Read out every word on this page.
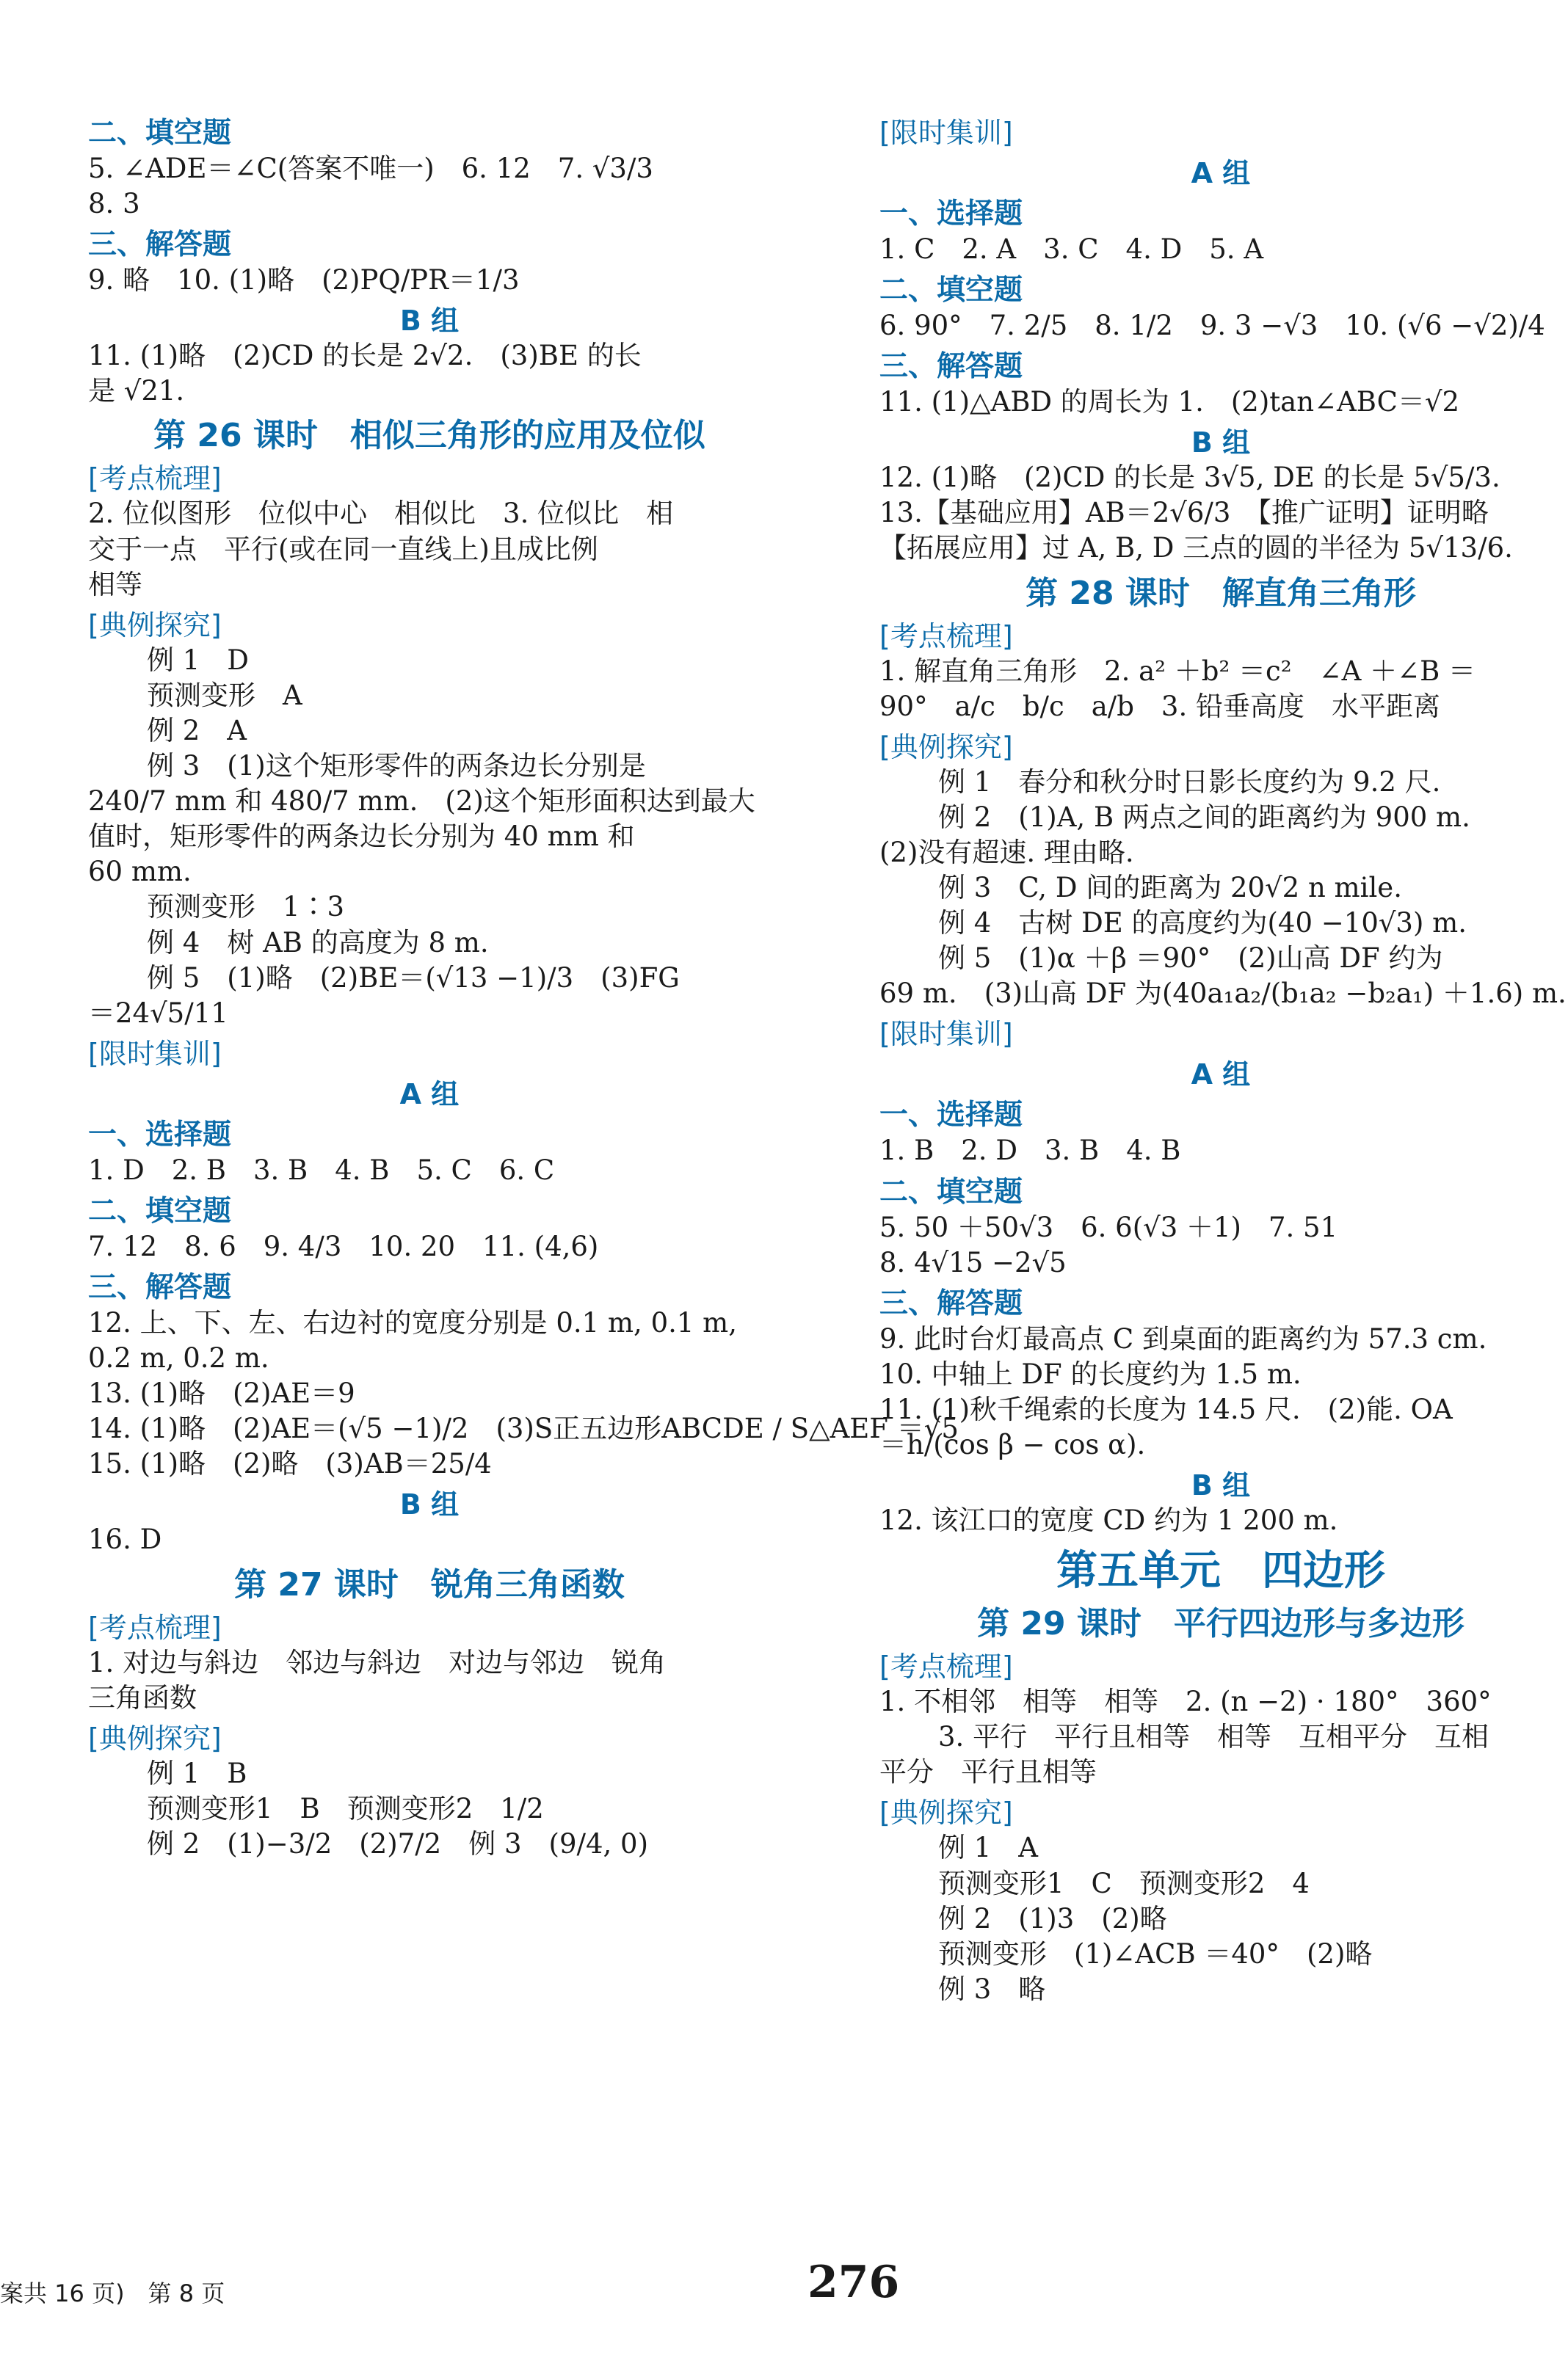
二、填空题
5. ∠ADE＝∠C(答案不唯一)　6. 12　7. √3/3
8. 3
三、解答题
9. 略　10. (1)略　(2)PQ/PR＝1/3
B 组
11. (1)略　(2)CD 的长是 2√2.　(3)BE 的长
是 √21.
第 26 课时　相似三角形的应用及位似
[考点梳理]
2. 位似图形　位似中心　相似比　3. 位似比　相
交于一点　平行(或在同一直线上)且成比例
相等
[典例探究]
例 1　D
预测变形　A
例 2　A
例 3　(1)这个矩形零件的两条边长分别是
240/7 mm 和 480/7 mm.　(2)这个矩形面积达到最大
值时，矩形零件的两条边长分别为 40 mm 和
60 mm.
预测变形　1∶3
例 4　树 AB 的高度为 8 m.
例 5　(1)略　(2)BE＝(√13 −1)/3　(3)FG
＝24√5/11
[限时集训]
A 组
一、选择题
1. D　2. B　3. B　4. B　5. C　6. C
二、填空题
7. 12　8. 6　9. 4/3　10. 20　11. (4,6)
三、解答题
12. 上、下、左、右边衬的宽度分别是 0.1 m, 0.1 m,
0.2 m, 0.2 m.
13. (1)略　(2)AE＝9
14. (1)略　(2)AE＝(√5 −1)/2　(3)S正五边形ABCDE / S△AEF ＝√5
15. (1)略　(2)略　(3)AB＝25/4
B 组
16. D
第 27 课时　锐角三角函数
[考点梳理]
1. 对边与斜边　邻边与斜边　对边与邻边　锐角
三角函数
[典例探究]
例 1　B
预测变形1　B　预测变形2　1/2
例 2　(1)−3/2　(2)7/2　例 3　(9/4, 0)
[限时集训]
A 组
一、选择题
1. C　2. A　3. C　4. D　5. A
二、填空题
6. 90°　7. 2/5　8. 1/2　9. 3 −√3　10. (√6 −√2)/4
三、解答题
11. (1)△ABD 的周长为 1.　(2)tan∠ABC＝√2
B 组
12. (1)略　(2)CD 的长是 3√5, DE 的长是 5√5/3.
13.【基础应用】AB＝2√6/3　【推广证明】证明略
【拓展应用】过 A, B, D 三点的圆的半径为 5√13/6.
第 28 课时　解直角三角形
[考点梳理]
1. 解直角三角形　2. a² ＋b² ＝c²　∠A ＋∠B ＝
90°　a/c　b/c　a/b　3. 铅垂高度　水平距离
[典例探究]
例 1　春分和秋分时日影长度约为 9.2 尺.
例 2　(1)A, B 两点之间的距离约为 900 m.
(2)没有超速. 理由略.
例 3　C, D 间的距离为 20√2 n mile.
例 4　古树 DE 的高度约为(40 −10√3) m.
例 5　(1)α ＋β ＝90°　(2)山高 DF 约为
69 m.　(3)山高 DF 为(40a₁a₂/(b₁a₂ −b₂a₁) ＋1.6) m.
[限时集训]
A 组
一、选择题
1. B　2. D　3. B　4. B
二、填空题
5. 50 ＋50√3　6. 6(√3 ＋1)　7. 51
8. 4√15 −2√5
三、解答题
9. 此时台灯最高点 C 到桌面的距离约为 57.3 cm.
10. 中轴上 DF 的长度约为 1.5 m.
11. (1)秋千绳索的长度为 14.5 尺.　(2)能. OA
＝h/(cos β − cos α).
B 组
12. 该江口的宽度 CD 约为 1 200 m.
第五单元　四边形
第 29 课时　平行四边形与多边形
[考点梳理]
1. 不相邻　相等　相等　2. (n −2) · 180°　360°
3. 平行　平行且相等　相等　互相平分　互相
平分　平行且相等
[典例探究]
例 1　A
预测变形1　C　预测变形2　4
例 2　(1)3　(2)略
预测变形　(1)∠ACB ＝40°　(2)略
例 3　略
案共 16 页)　第 8 页	276
